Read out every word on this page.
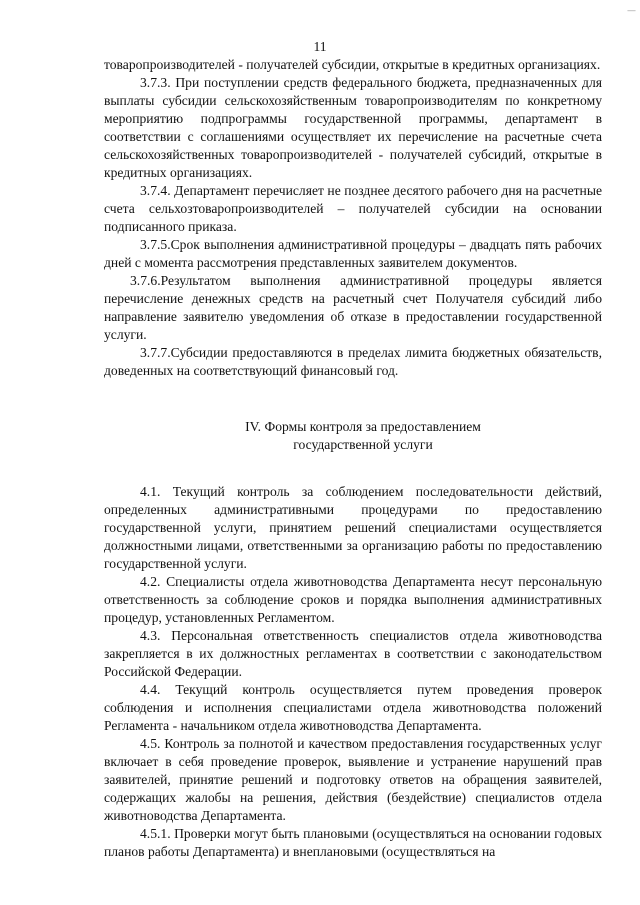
—
11

товаропроизводителей - получателей субсидии, открытые в кредитных организациях.

3.7.3. При поступлении средств федерального бюджета, предназначенных для выплаты субсидии сельскохозяйственным товаропроизводителям по конкретному мероприятию подпрограммы государственной программы, департамент в соответствии с соглашениями осуществляет их перечисление на расчетные счета сельскохозяйственных товаропроизводителей - получателей субсидий, открытые в кредитных организациях.

3.7.4. Департамент перечисляет не позднее десятого рабочего дня на расчетные счета сельхозтоваропроизводителей – получателей субсидии на основании подписанного приказа.

3.7.5.Срок выполнения административной процедуры – двадцать пять рабочих дней с момента рассмотрения представленных заявителем документов.

3.7.6.Результатом выполнения административной процедуры является перечисление денежных средств на расчетный счет Получателя субсидий либо направление заявителю уведомления об отказе в предоставлении государственной услуги.

3.7.7.Субсидии предоставляются в пределах лимита бюджетных обязательств, доведенных на соответствующий финансовый год.

IV. Формы контроля за предоставлением
государственной услуги

4.1. Текущий контроль за соблюдением последовательности действий, определенных административными процедурами по предоставлению государственной услуги, принятием решений специалистами осуществляется должностными лицами, ответственными за организацию работы по предоставлению государственной услуги.

4.2. Специалисты отдела животноводства Департамента несут персональную ответственность за соблюдение сроков и порядка выполнения административных процедур, установленных Регламентом.

4.3. Персональная ответственность специалистов отдела животноводства закрепляется в их должностных регламентах в соответствии с законодательством Российской Федерации.

4.4. Текущий контроль осуществляется путем проведения проверок соблюдения и исполнения специалистами отдела животноводства положений Регламента - начальником отдела животноводства Департамента.

4.5. Контроль за полнотой и качеством предоставления государственных услуг включает в себя проведение проверок, выявление и устранение нарушений прав заявителей, принятие решений и подготовку ответов на обращения заявителей, содержащих жалобы на решения, действия (бездействие) специалистов отдела животноводства Департамента.

4.5.1. Проверки могут быть плановыми (осуществляться на основании годовых планов работы Департамента) и внеплановыми (осуществляться на
